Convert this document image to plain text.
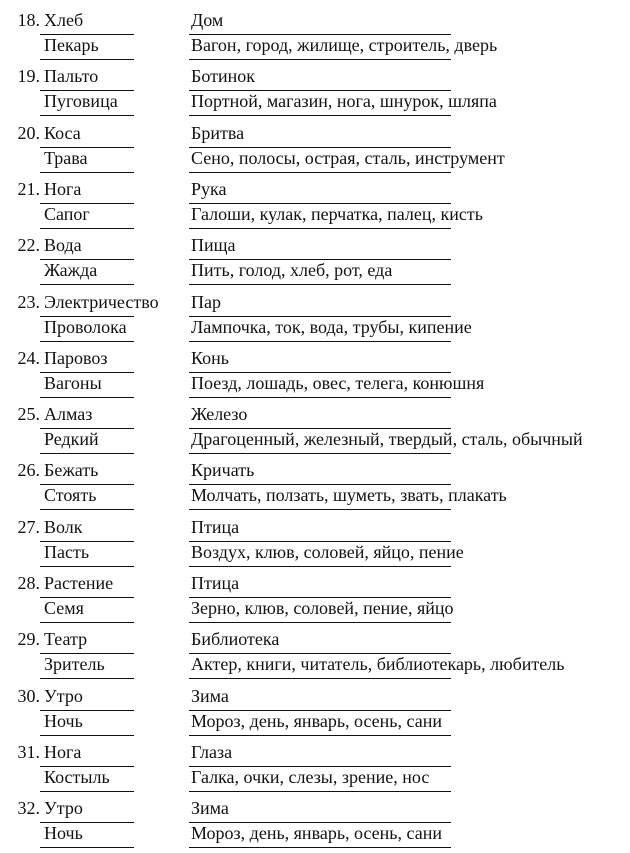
18. Хлеб
Пекарь
Дом
Вагон, город, жилище, строитель, дверь
19. Пальто
Пуговица
Ботинок
Портной, магазин, нога, шнурок, шляпа
20. Коса
Трава
Бритва
Сено, полосы, острая, сталь, инструмент
21. Нога
Сапог
Рука
Галоши, кулак, перчатка, палец, кисть
22. Вода
Жажда
Пища
Пить, голод, хлеб, рот, еда
23. Электричество
Проволока
Пар
Лампочка, ток, вода, трубы, кипение
24. Паровоз
Вагоны
Конь
Поезд, лошадь, овес, телега, конюшня
25. Алмаз
Редкий
Железо
Драгоценный, железный, твердый, сталь, обычный
26. Бежать
Стоять
Кричать
Молчать, ползать, шуметь, звать, плакать
27. Волк
Пасть
Птица
Воздух, клюв, соловей, яйцо, пение
28. Растение
Семя
Птица
Зерно, клюв, соловей, пение, яйцо
29. Театр
Зритель
Библиотека
Актер, книги, читатель, библиотекарь, любитель
30. Утро
Ночь
Зима
Мороз, день, январь, осень, сани
31. Нога
Костыль
Глаза
Галка, очки, слезы, зрение, нос
32. Утро
Ночь
Зима
Мороз, день, январь, осень, сани
